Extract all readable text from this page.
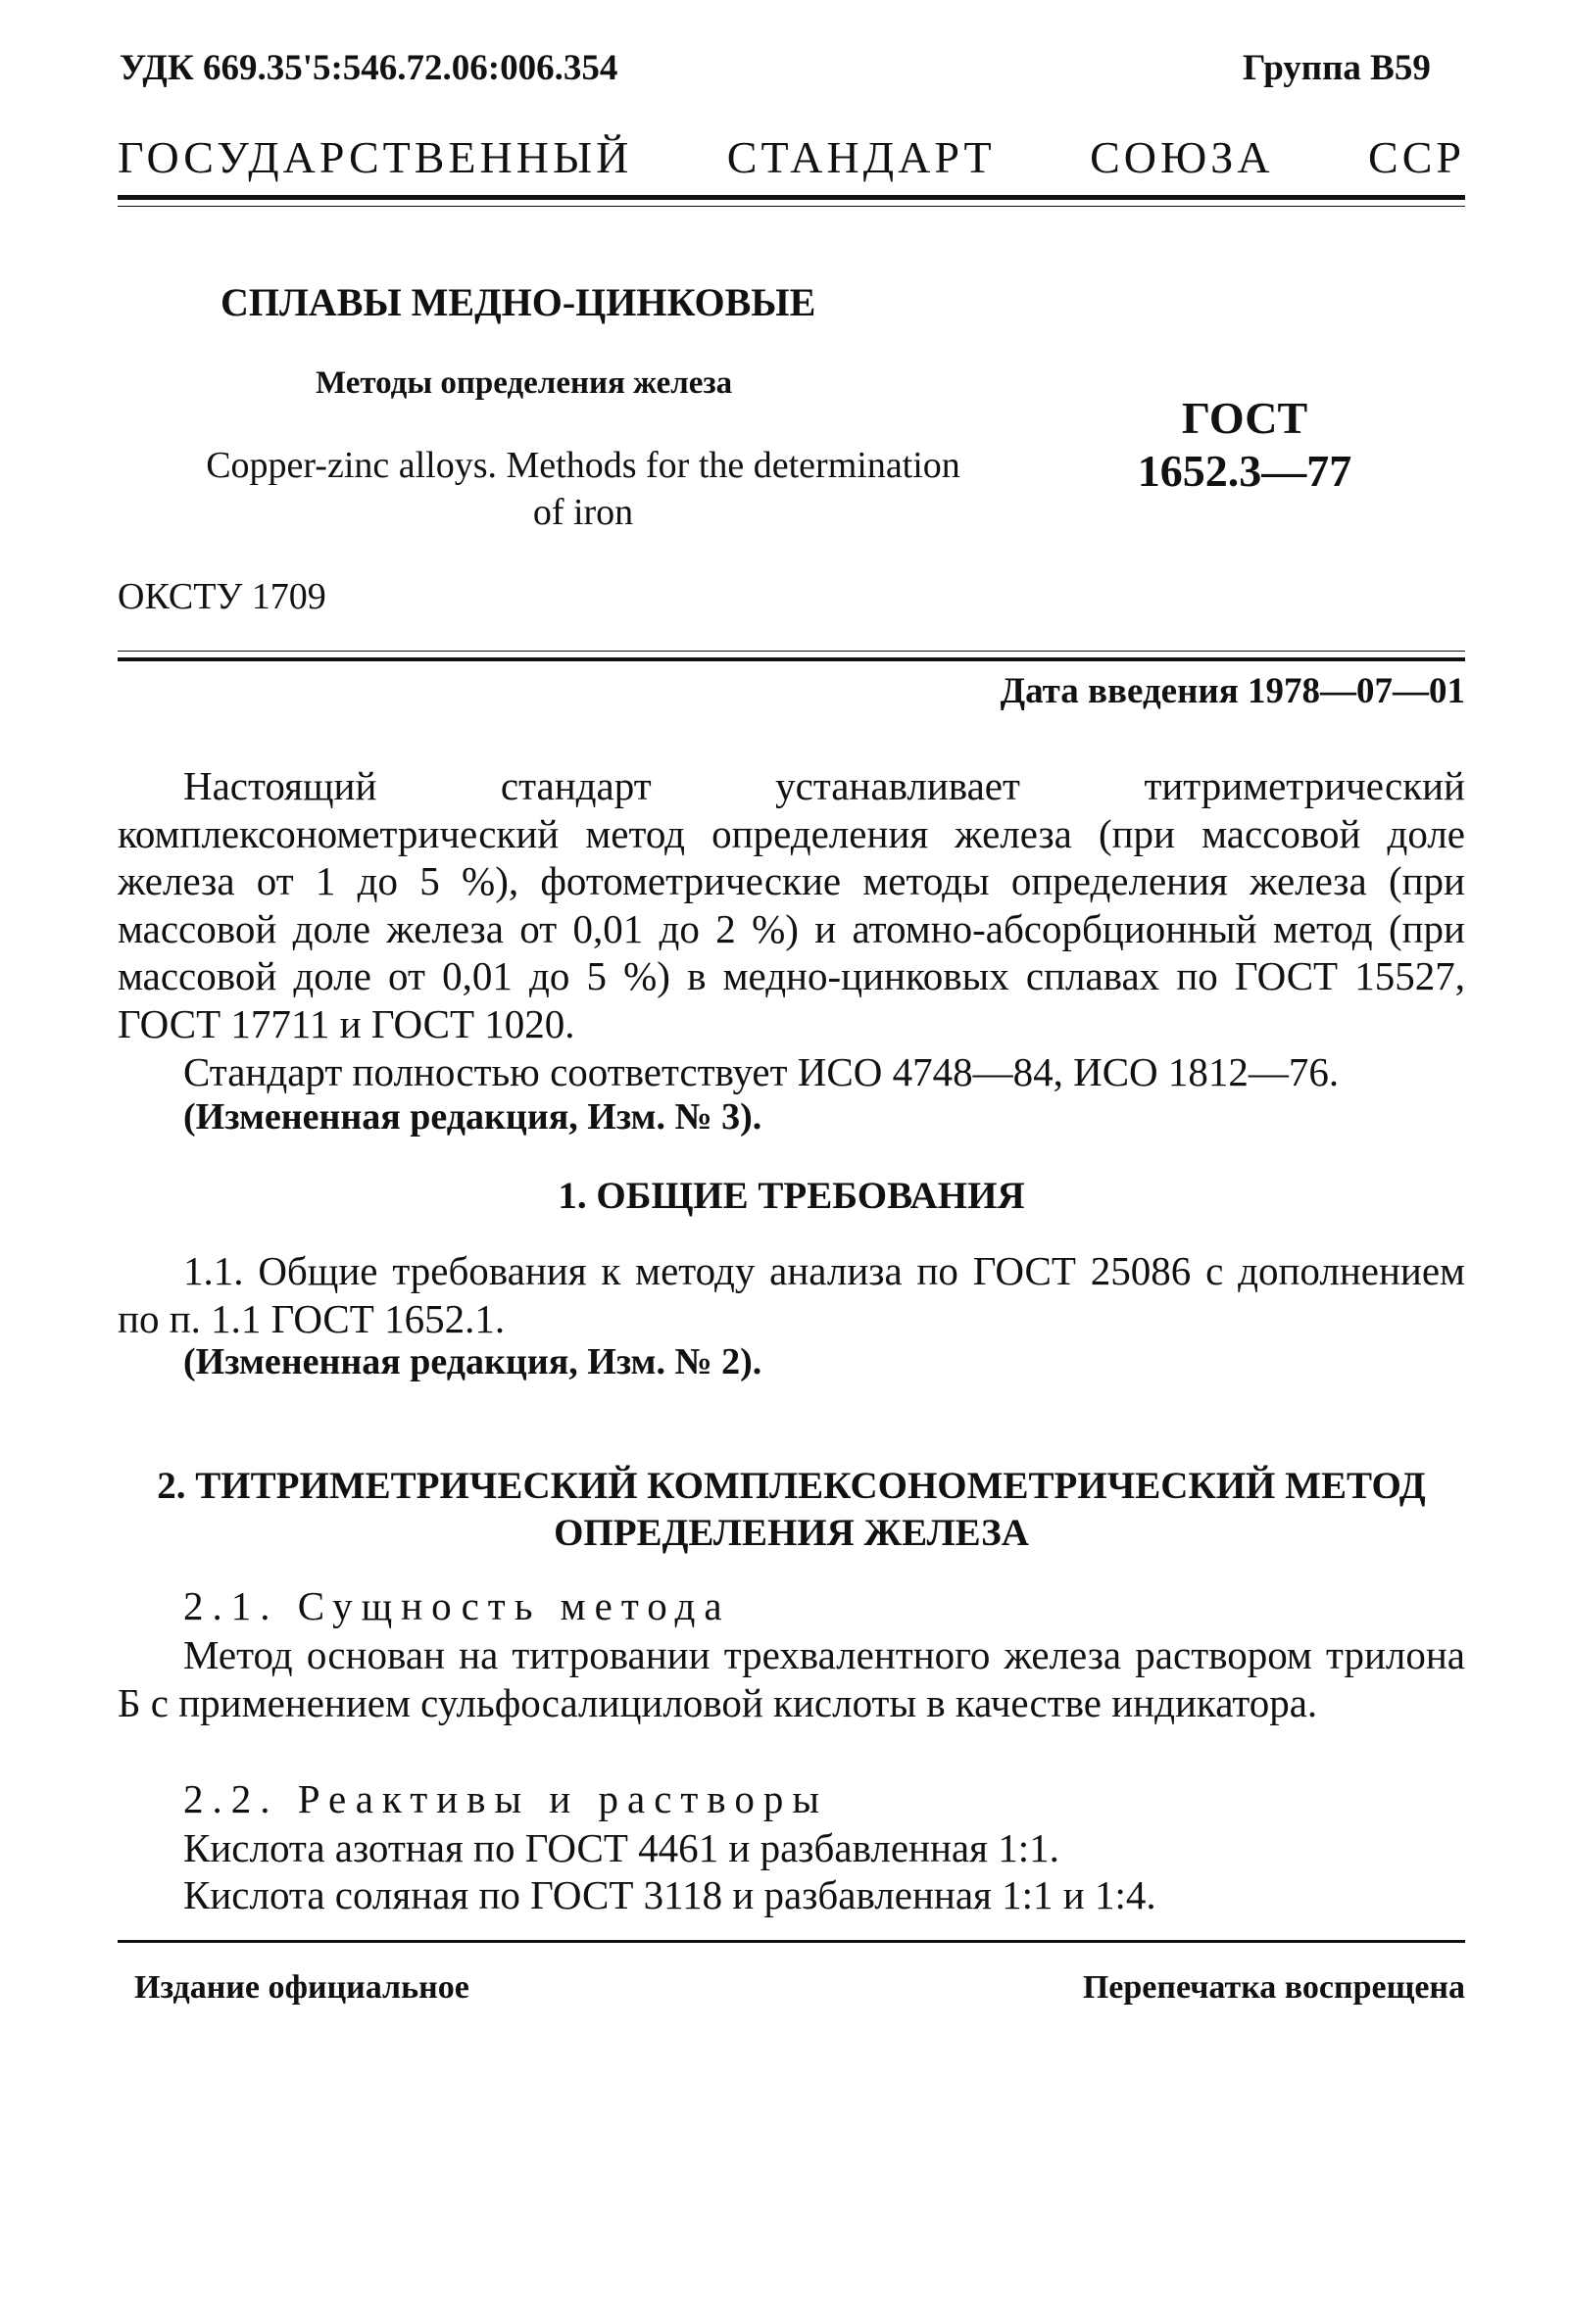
УДК 669.35'5:546.72.06:006.354	Группа В59

ГОСУДАРСТВЕННЫЙ СТАНДАРТ СОЮЗА ССР

СПЛАВЫ МЕДНО-ЦИНКОВЫЕ

Методы определения железа

Copper-zinc alloys. Methods for the determination of iron

ГОСТ
1652.3—77

ОКСТУ 1709

Дата введения 1978—07—01

Настоящий стандарт устанавливает титриметрический комплексонометрический метод определения железа (при массовой доле железа от 1 до 5 %), фотометрические методы определения железа (при массовой доле железа от 0,01 до 2 %) и атомно-абсорбционный метод (при массовой доле от 0,01 до 5 %) в медно-цинковых сплавах по ГОСТ 15527, ГОСТ 17711 и ГОСТ 1020.

Стандарт полностью соответствует ИСО 4748—84, ИСО 1812—76.

(Измененная редакция, Изм. № 3).

1. ОБЩИЕ ТРЕБОВАНИЯ

1.1. Общие требования к методу анализа по ГОСТ 25086 с дополнением по п. 1.1 ГОСТ 1652.1.

(Измененная редакция, Изм. № 2).

2. ТИТРИМЕТРИЧЕСКИЙ КОМПЛЕКСОНОМЕТРИЧЕСКИЙ МЕТОД ОПРЕДЕЛЕНИЯ ЖЕЛЕЗА

2.1. Сущность метода

Метод основан на титровании трехвалентного железа раствором трилона Б с применением сульфосалициловой кислоты в качестве индикатора.

2.2. Реактивы и растворы

Кислота азотная по ГОСТ 4461 и разбавленная 1:1.

Кислота соляная по ГОСТ 3118 и разбавленная 1:1 и 1:4.

Издание официальное	Перепечатка воспрещена
